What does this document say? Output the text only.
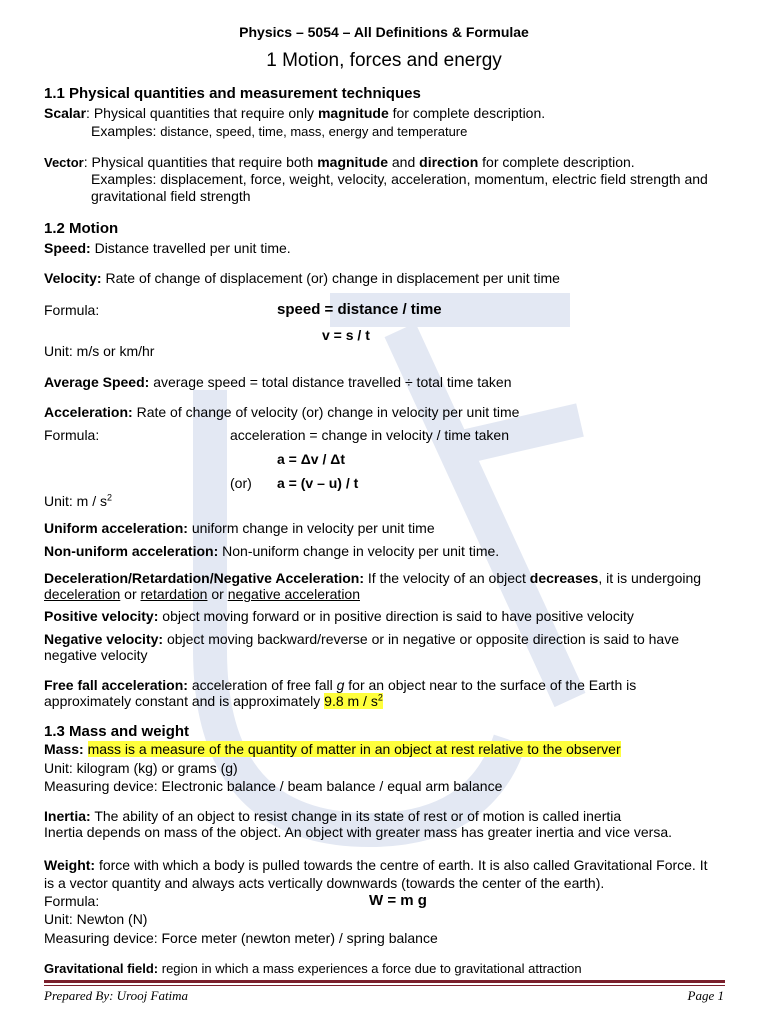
Physics – 5054 – All Definitions & Formulae
1 Motion, forces and energy
1.1 Physical quantities and measurement techniques
Scalar: Physical quantities that require only magnitude for complete description.
Examples: distance, speed, time, mass, energy and temperature
Vector: Physical quantities that require both magnitude and direction for complete description.
Examples: displacement, force, weight, velocity, acceleration, momentum, electric field strength and
gravitational field strength
1.2 Motion
Speed: Distance travelled per unit time.
Velocity: Rate of change of displacement (or) change in displacement per unit time
Formula:	speed = distance / time
v = s / t
Unit: m/s or km/hr
Average Speed: average speed = total distance travelled ÷ total time taken
Acceleration: Rate of change of velocity (or) change in velocity per unit time
Formula:	acceleration = change in velocity / time taken
a = Δv / Δt
(or) a = (v – u) / t
Unit: m / $s^2$
Uniform acceleration: uniform change in velocity per unit time
Non-uniform acceleration: Non-uniform change in velocity per unit time.
Deceleration/Retardation/Negative Acceleration: If the velocity of an object decreases, it is undergoing
deceleration or retardation or negative acceleration
Positive velocity: object moving forward or in positive direction is said to have positive velocity
Negative velocity: object moving backward/reverse or in negative or opposite direction is said to have
negative velocity
Free fall acceleration: acceleration of free fall g for an object near to the surface of the Earth is
approximately constant and is approximately 9.8 m / $s^2$
1.3 Mass and weight
Mass: mass is a measure of the quantity of matter in an object at rest relative to the observer
Unit: kilogram (kg) or grams (g)
Measuring device: Electronic balance / beam balance / equal arm balance
Inertia: The ability of an object to resist change in its state of rest or of motion is called inertia
Inertia depends on mass of the object. An object with greater mass has greater inertia and vice versa.
Weight: force with which a body is pulled towards the centre of earth. It is also called Gravitational Force. It
is a vector quantity and always acts vertically downwards (towards the center of the earth).
Formula:	W = m g
Unit: Newton (N)
Measuring device: Force meter (newton meter) / spring balance
Gravitational field: region in which a mass experiences a force due to gravitational attraction
Prepared By: Urooj Fatima	Page 1
